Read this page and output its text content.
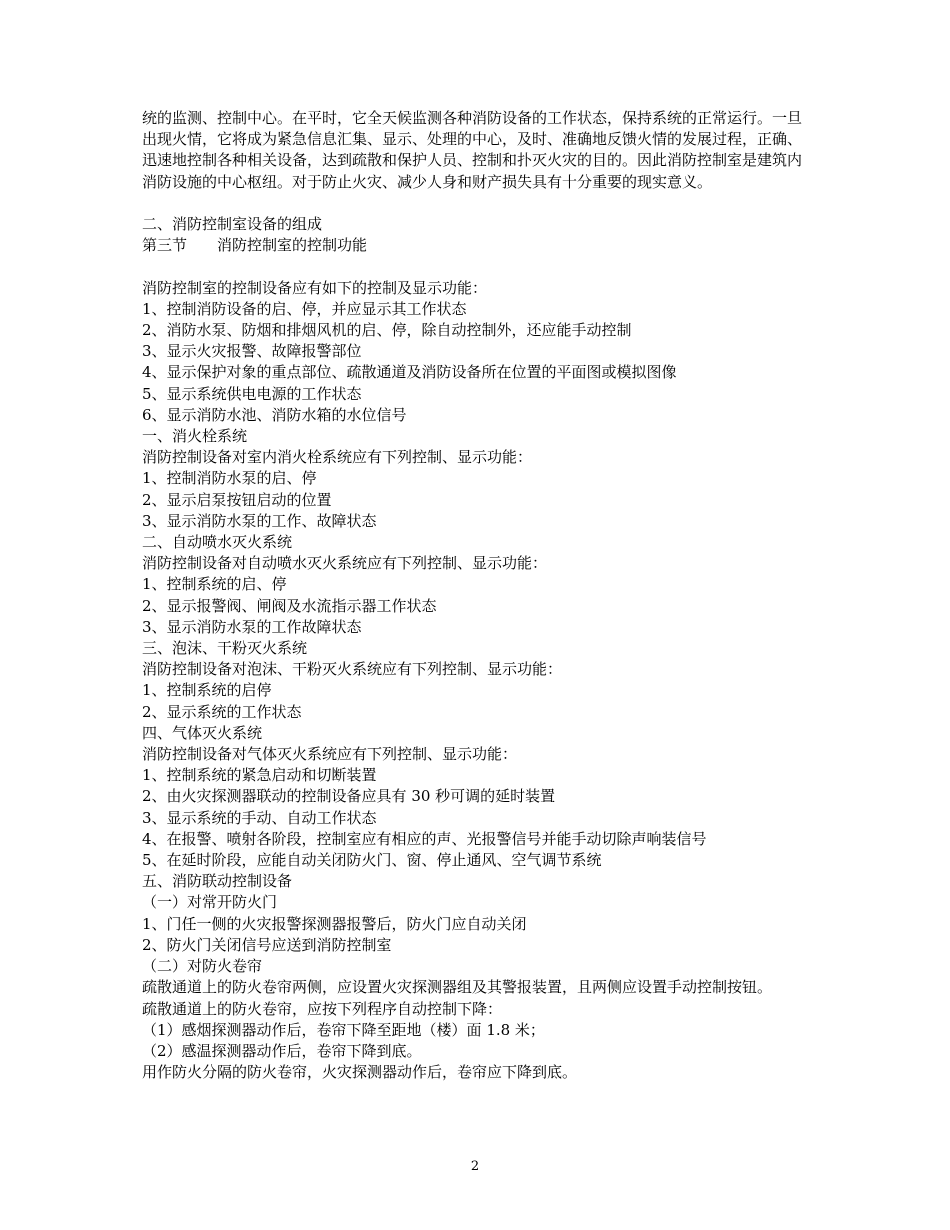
统的监测、控制中心。在平时，它全天候监测各种消防设备的工作状态，保持系统的正常运行。一旦出现火情，它将成为紧急信息汇集、显示、处理的中心，及时、准确地反馈火情的发展过程，正确、迅速地控制各种相关设备，达到疏散和保护人员、控制和扑灭火灾的目的。因此消防控制室是建筑内消防设施的中心枢纽。对于防止火灾、减少人身和财产损失具有十分重要的现实意义。

二、消防控制室设备的组成
第三节　　消防控制室的控制功能
消防控制室的控制设备应有如下的控制及显示功能：
1、控制消防设备的启、停，并应显示其工作状态
2、消防水泵、防烟和排烟风机的启、停，除自动控制外，还应能手动控制
3、显示火灾报警、故障报警部位
4、显示保护对象的重点部位、疏散通道及消防设备所在位置的平面图或模拟图像
5、显示系统供电电源的工作状态
6、显示消防水池、消防水箱的水位信号
一、消火栓系统
消防控制设备对室内消火栓系统应有下列控制、显示功能：
1、控制消防水泵的启、停
2、显示启泵按钮启动的位置
3、显示消防水泵的工作、故障状态
二、自动喷水灭火系统
消防控制设备对自动喷水灭火系统应有下列控制、显示功能：
1、控制系统的启、停
2、显示报警阀、闸阀及水流指示器工作状态
3、显示消防水泵的工作故障状态
三、泡沫、干粉灭火系统
消防控制设备对泡沫、干粉灭火系统应有下列控制、显示功能：
1、控制系统的启停
2、显示系统的工作状态
四、气体灭火系统
消防控制设备对气体灭火系统应有下列控制、显示功能：
1、控制系统的紧急启动和切断装置
2、由火灾探测器联动的控制设备应具有 30 秒可调的延时装置
3、显示系统的手动、自动工作状态
4、在报警、喷射各阶段，控制室应有相应的声、光报警信号并能手动切除声响装信号
5、在延时阶段，应能自动关闭防火门、窗、停止通风、空气调节系统
五、消防联动控制设备
（一）对常开防火门
1、门任一侧的火灾报警探测器报警后，防火门应自动关闭
2、防火门关闭信号应送到消防控制室
（二）对防火卷帘
疏散通道上的防火卷帘两侧，应设置火灾探测器组及其警报装置，且两侧应设置手动控制按钮。
疏散通道上的防火卷帘，应按下列程序自动控制下降：
（1）感烟探测器动作后，卷帘下降至距地（楼）面 1.8 米；
（2）感温探测器动作后，卷帘下降到底。
用作防火分隔的防火卷帘，火灾探测器动作后，卷帘应下降到底。
2
